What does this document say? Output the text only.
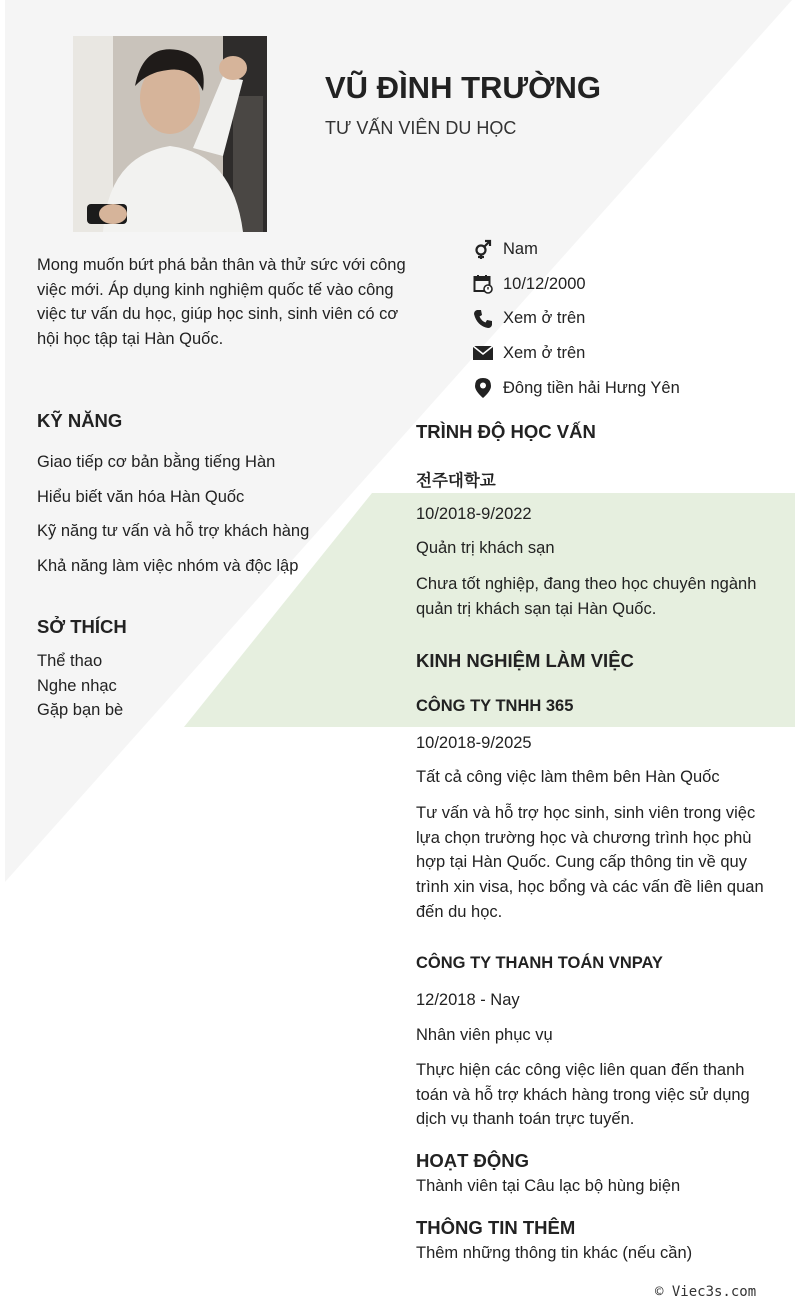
VŨ ĐÌNH TRƯỜNG
TƯ VẤN VIÊN DU HỌC
Mong muốn bứt phá bản thân và thử sức với công việc mới. Áp dụng kinh nghiệm quốc tế vào công việc tư vấn du học, giúp học sinh, sinh viên có cơ hội học tập tại Hàn Quốc.
Nam
10/12/2000
Xem ở trên
Xem ở trên
Đông tiền hải Hưng Yên
KỸ NĂNG
Giao tiếp cơ bản bằng tiếng Hàn
Hiểu biết văn hóa Hàn Quốc
Kỹ năng tư vấn và hỗ trợ khách hàng
Khả năng làm việc nhóm và độc lập
SỞ THÍCH
Thể thao
Nghe nhạc
Gặp bạn bè
TRÌNH ĐỘ HỌC VẤN
전주대학교
10/2018-9/2022
Quản trị khách sạn
Chưa tốt nghiệp, đang theo học chuyên ngành quản trị khách sạn tại Hàn Quốc.
KINH NGHIỆM LÀM VIỆC
CÔNG TY TNHH 365
10/2018-9/2025
Tất cả công việc làm thêm bên Hàn Quốc
Tư vấn và hỗ trợ học sinh, sinh viên trong việc lựa chọn trường học và chương trình học phù hợp tại Hàn Quốc. Cung cấp thông tin về quy trình xin visa, học bổng và các vấn đề liên quan đến du học.
CÔNG TY THANH TOÁN VNPAY
12/2018 - Nay
Nhân viên phục vụ
Thực hiện các công việc liên quan đến thanh toán và hỗ trợ khách hàng trong việc sử dụng dịch vụ thanh toán trực tuyến.
HOẠT ĐỘNG
Thành viên tại Câu lạc bộ hùng biện
THÔNG TIN THÊM
Thêm những thông tin khác (nếu cần)
© Viec3s.com
